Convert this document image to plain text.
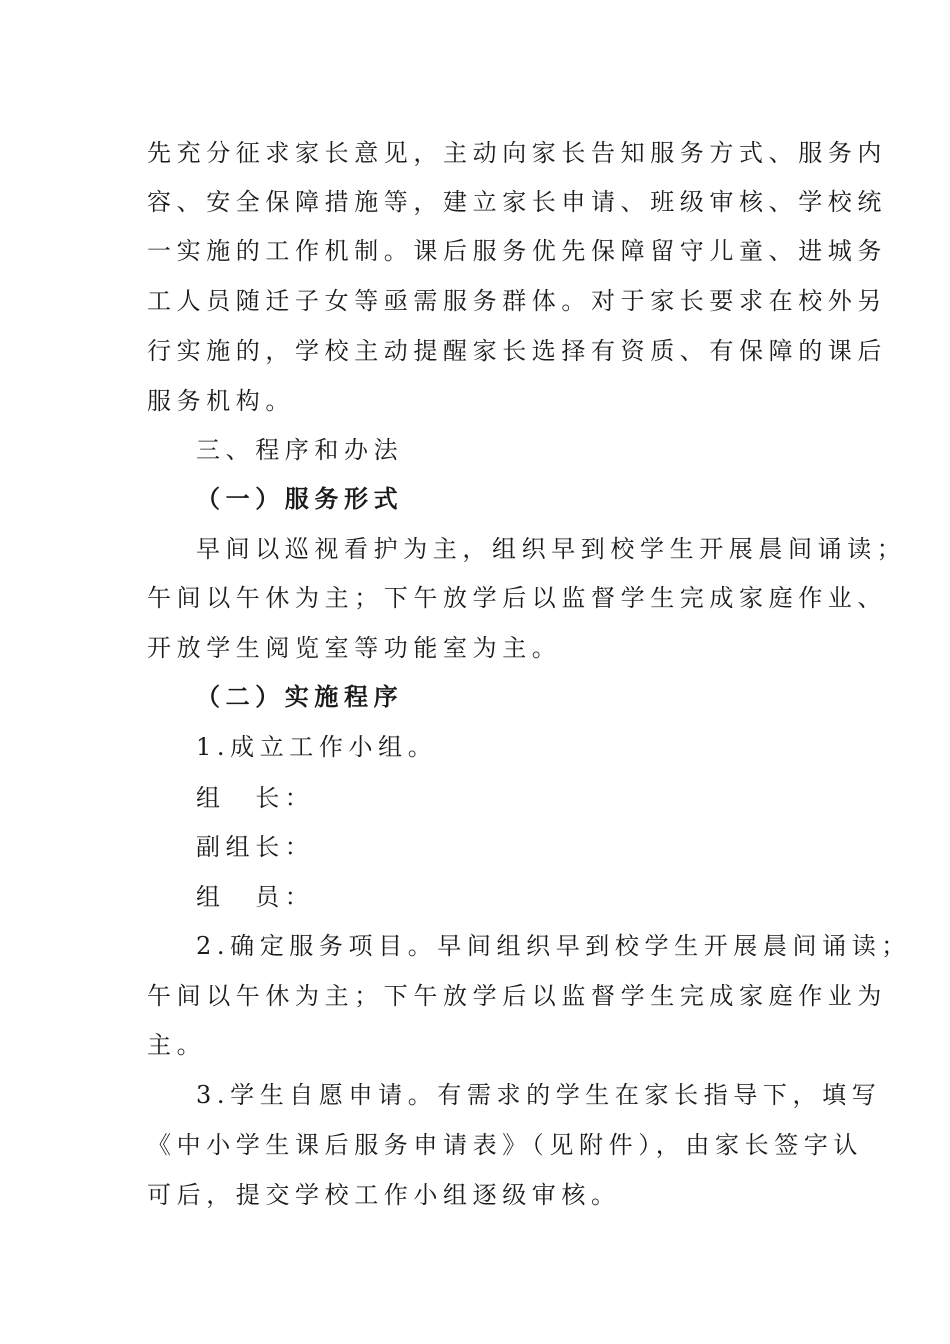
先充分征求家长意见，主动向家长告知服务方式、服务内
容、安全保障措施等，建立家长申请、班级审核、学校统
一实施的工作机制。课后服务优先保障留守儿童、进城务
工人员随迁子女等亟需服务群体。对于家长要求在校外另
行实施的，学校主动提醒家长选择有资质、有保障的课后
服务机构。
三、程序和办法
（一）服务形式
早间以巡视看护为主，组织早到校学生开展晨间诵读；
午间以午休为主；下午放学后以监督学生完成家庭作业、
开放学生阅览室等功能室为主。
（二）实施程序
1.成立工作小组。
组　长：
副组长：
组　员：
2.确定服务项目。早间组织早到校学生开展晨间诵读；
午间以午休为主；下午放学后以监督学生完成家庭作业为
主。
3.学生自愿申请。有需求的学生在家长指导下，填写
《中小学生课后服务申请表》（见附件），由家长签字认
可后，提交学校工作小组逐级审核。
